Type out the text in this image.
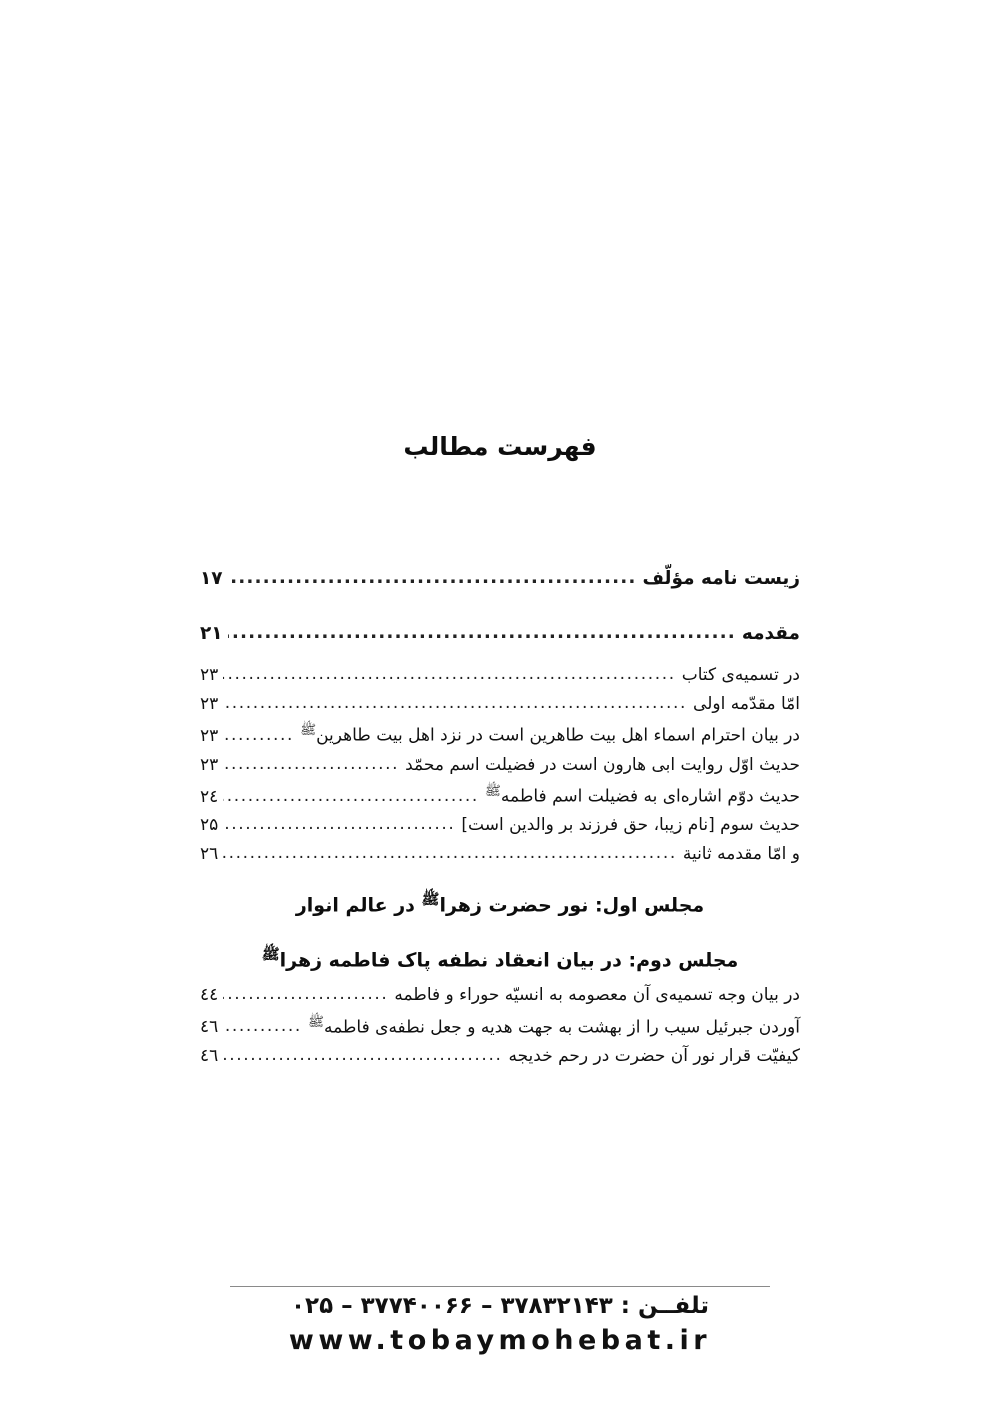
فهرست مطالب
زیست نامه مؤلّف
.....
۱۷
مقدمه
.....
۲۱
در تسمیه‌ی کتاب
.....
۲۳
امّا مقدّمه اولی
.....
۲۳
در بیان احترام اسماء اهل بیت طاهرین است در نزد اهل بیت طاهرین$^ﷺ$
.....
۲۳
حدیث اوّل روایت ابی هارون است در فضیلت اسم محمّد
.....
۲۳
حدیث دوّم اشاره‌ای به فضیلت اسم فاطمه$^ﷺ$
.....
٢٤
حدیث سوم [نام زیبا، حق فرزند بر والدین است]
.....
۲۵
و امّا مقدمه ثانیة
.....
٢٦
مجلس اول: نور حضرت زهرا$^ﷺ$ در عالم انوار
مجلس دوم: در بیان انعقاد نطفه پاک فاطمه زهرا$^ﷺ$
در بیان وجه تسمیه‌ی آن معصومه به انسیّه حوراء و فاطمه
.....
٤٤
آوردن جبرئیل سیب را از بهشت به جهت هدیه و جعل نطفه‌ی فاطمه$^ﷺ$
.....
٤٦
کیفیّت قرار نور آن حضرت در رحم خدیجه
.....
٤٦
تلفــن : ۳۷۸۳۲۱۴۳ – ۳۷۷۴۰۰۶۶ – ۰۲۵
www.tobaymohebat.ir
